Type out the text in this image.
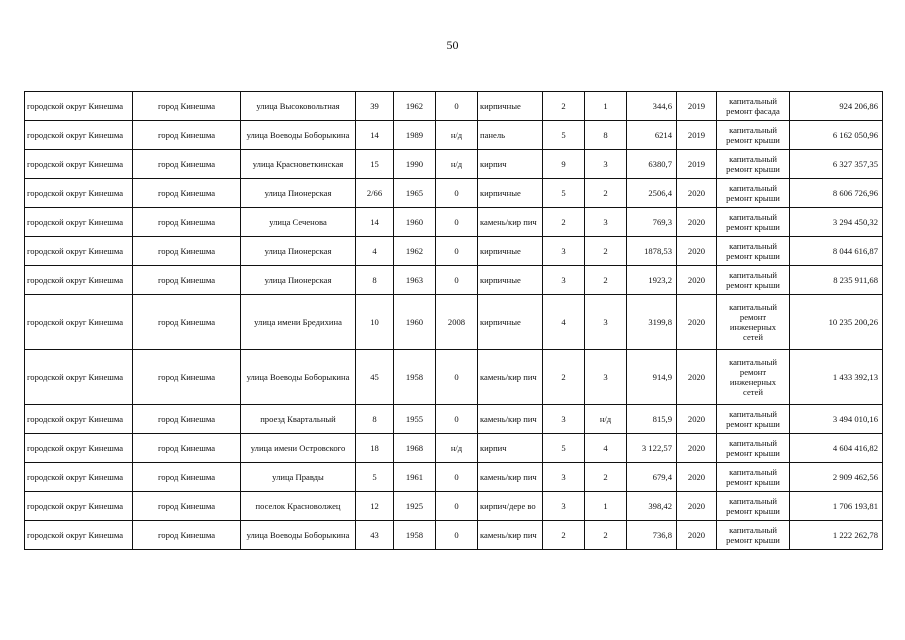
50
городской округ Кинешма	город Кинешма	улица Высоковольтная	39	1962	0	кирпичные	2	1	344,6	2019	капитальный ремонт фасада	924 206,86
городской округ Кинешма	город Кинешма	улица Воеводы Боборыкина	14	1989	н/д	панель	5	8	6214	2019	капитальный ремонт крыши	6 162 050,96
городской округ Кинешма	город Кинешма	улица Красноветкинская	15	1990	н/д	кирпич	9	3	6380,7	2019	капитальный ремонт крыши	6 327 357,35
городской округ Кинешма	город Кинешма	улица Пионерская	2/66	1965	0	кирпичные	5	2	2506,4	2020	капитальный ремонт крыши	8 606 726,96
городской округ Кинешма	город Кинешма	улица Сеченова	14	1960	0	камень/кир пич	2	3	769,3	2020	капитальный ремонт крыши	3 294 450,32
городской округ Кинешма	город Кинешма	улица Пионерская	4	1962	0	кирпичные	3	2	1878,53	2020	капитальный ремонт крыши	8 044 616,87
городской округ Кинешма	город Кинешма	улица Пионерская	8	1963	0	кирпичные	3	2	1923,2	2020	капитальный ремонт крыши	8 235 911,68
городской округ Кинешма	город Кинешма	улица имени Бредихина	10	1960	2008	кирпичные	4	3	3199,8	2020	капитальный ремонт инженерных сетей	10 235 200,26
городской округ Кинешма	город Кинешма	улица Воеводы Боборыкина	45	1958	0	камень/кир пич	2	3	914,9	2020	капитальный ремонт инженерных сетей	1 433 392,13
городской округ Кинешма	город Кинешма	проезд Квартальный	8	1955	0	камень/кир пич	3	н/д	815,9	2020	капитальный ремонт крыши	3 494 010,16
городской округ Кинешма	город Кинешма	улица имени Островского	18	1968	н/д	кирпич	5	4	3 122,57	2020	капитальный ремонт крыши	4 604 416,82
городской округ Кинешма	город Кинешма	улица Правды	5	1961	0	камень/кир пич	3	2	679,4	2020	капитальный ремонт крыши	2 909 462,56
городской округ Кинешма	город Кинешма	поселок Красноволжец	12	1925	0	кирпич/дере во	3	1	398,42	2020	капитальный ремонт крыши	1 706 193,81
городской округ Кинешма	город Кинешма	улица Воеводы Боборыкина	43	1958	0	камень/кир пич	2	2	736,8	2020	капитальный ремонт крыши	1 222 262,78
